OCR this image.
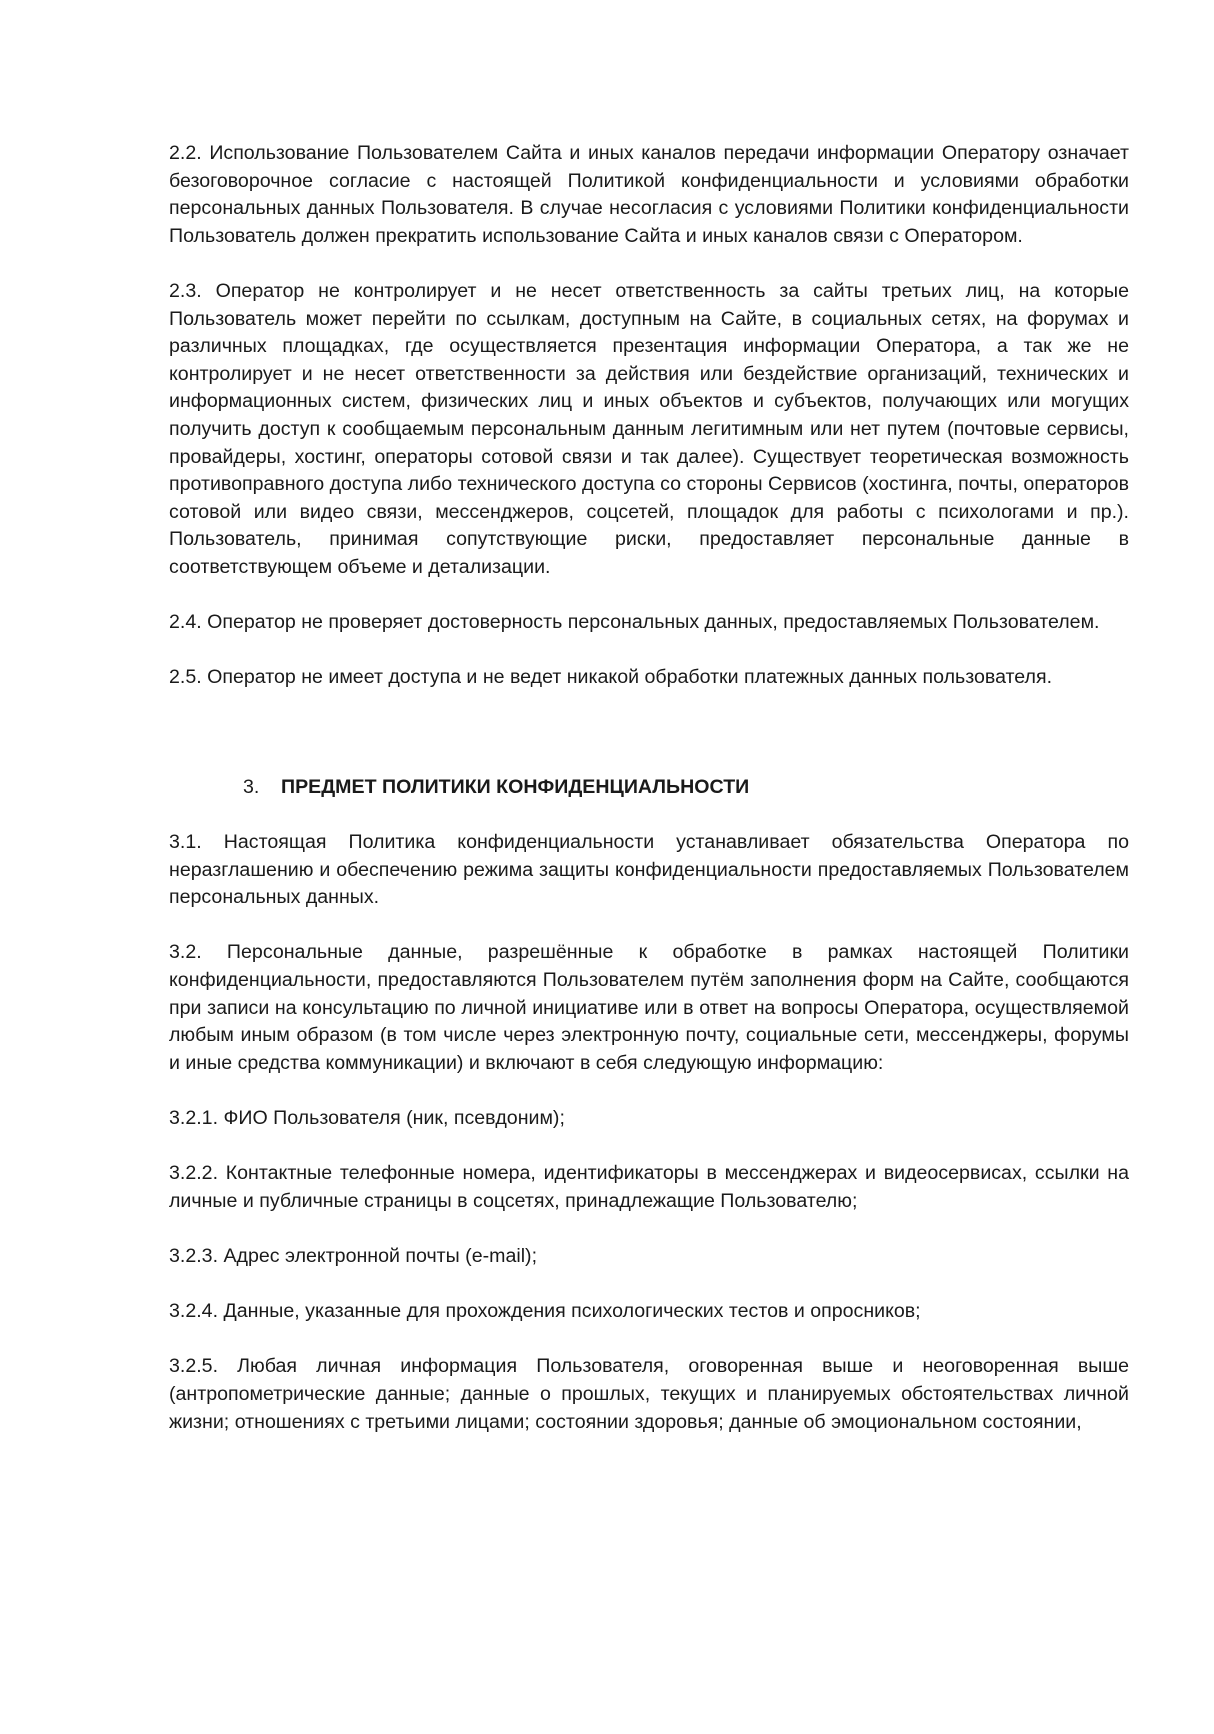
2.2. Использование Пользователем Сайта и иных каналов передачи информации Оператору означает безоговорочное согласие с настоящей Политикой конфиденциальности и условиями обработки персональных данных Пользователя. В случае несогласия с условиями Политики конфиденциальности Пользователь должен прекратить использование Сайта и иных каналов связи с Оператором.

2.3. Оператор не контролирует и не несет ответственность за сайты третьих лиц, на которые Пользователь может перейти по ссылкам, доступным на Сайте, в социальных сетях, на форумах и различных площадках, где осуществляется презентация информации Оператора, а так же не контролирует и не несет ответственности за действия или бездействие организаций, технических и информационных систем, физических лиц и иных объектов и субъектов, получающих или могущих получить доступ к сообщаемым персональным данным легитимным или нет путем (почтовые сервисы, провайдеры, хостинг, операторы сотовой связи и так далее). Существует теоретическая возможность противоправного доступа либо технического доступа со стороны Сервисов (хостинга, почты, операторов сотовой или видео связи, мессенджеров, соцсетей, площадок для работы с психологами и пр.). Пользователь, принимая сопутствующие риски, предоставляет персональные данные в соответствующем объеме и детализации.

2.4. Оператор не проверяет достоверность персональных данных, предоставляемых Пользователем.

2.5. Оператор не имеет доступа и не ведет никакой обработки платежных данных пользователя.

3. ПРЕДМЕТ ПОЛИТИКИ КОНФИДЕНЦИАЛЬНОСТИ

3.1. Настоящая Политика конфиденциальности устанавливает обязательства Оператора по неразглашению и обеспечению режима защиты конфиденциальности предоставляемых Пользователем персональных данных.

3.2. Персональные данные, разрешённые к обработке в рамках настоящей Политики конфиденциальности, предоставляются Пользователем путём заполнения форм на Сайте, сообщаются при записи на консультацию по личной инициативе или в ответ на вопросы Оператора, осуществляемой любым иным образом (в том числе через электронную почту, социальные сети, мессенджеры, форумы и иные средства коммуникации) и включают в себя следующую информацию:

3.2.1. ФИО Пользователя (ник, псевдоним);

3.2.2. Контактные телефонные номера, идентификаторы в мессенджерах и видеосервисах, ссылки на личные и публичные страницы в соцсетях, принадлежащие Пользователю;

3.2.3. Адрес электронной почты (e-mail);

3.2.4. Данные, указанные для прохождения психологических тестов и опросников;

3.2.5. Любая личная информация Пользователя, оговоренная выше и неоговоренная выше (антропометрические данные; данные о прошлых, текущих и планируемых обстоятельствах личной жизни; отношениях с третьими лицами; состоянии здоровья; данные об эмоциональном состоянии,
